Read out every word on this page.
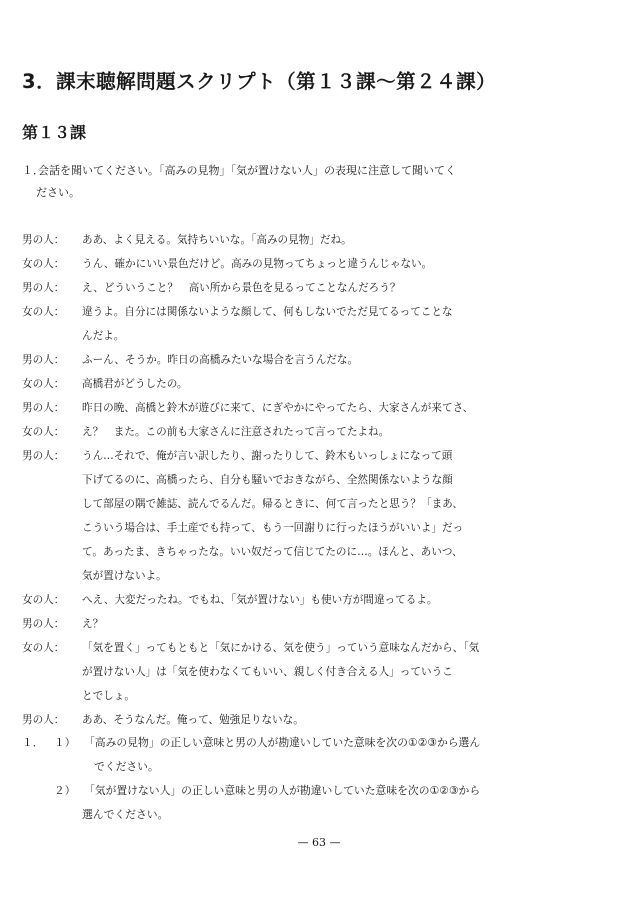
3．課末聴解問題スクリプト（第１３課〜第２４課）
第１３課
１．会話を聞いてください。「高みの見物」「気が置けない人」の表現に注意して聞いてく
ださい。
男の人：	ああ、よく見える。気持ちいいな。「高みの見物」だね。
女の人：	うん、確かにいい景色だけど。高みの見物ってちょっと違うんじゃない。
男の人：	え、どういうこと？　高い所から景色を見るってことなんだろう？
女の人：	違うよ。自分には関係ないような顔して、何もしないでただ見てるってことな
んだよ。
男の人：	ふーん、そうか。昨日の高橋みたいな場合を言うんだな。
女の人：	高橋君がどうしたの。
男の人：	昨日の晩、高橋と鈴木が遊びに来て、にぎやかにやってたら、大家さんが来てさ、
女の人：	え？　また。この前も大家さんに注意されたって言ってたよね。
男の人：	うん…それで、俺が言い訳したり、謝ったりして、鈴木もいっしょになって頭
下げてるのに、高橋ったら、自分も騒いでおきながら、全然関係ないような顔
して部屋の隅で雑誌、読んでるんだ。帰るときに、何て言ったと思う？「まあ、
こういう場合は、手土産でも持って、もう一回謝りに行ったほうがいいよ」だっ
て。あったま、きちゃったな。いい奴だって信じてたのに…。ほんと、あいつ、
気が置けないよ。
女の人：	へえ、大変だったね。でもね、「気が置けない」も使い方が間違ってるよ。
男の人：	え？
女の人：	「気を置く」ってもともと「気にかける、気を使う」っていう意味なんだから、「気
が置けない人」は「気を使わなくてもいい、親しく付き合える人」っていうこ
とでしょ。
男の人：	ああ、そうなんだ。俺って、勉強足りないな。
１． １） 「高みの見物」の正しい意味と男の人が勘違いしていた意味を次の①②③から選ん
でください。
２） 「気が置けない人」の正しい意味と男の人が勘違いしていた意味を次の①②③から
選んでください。
— 63 —
